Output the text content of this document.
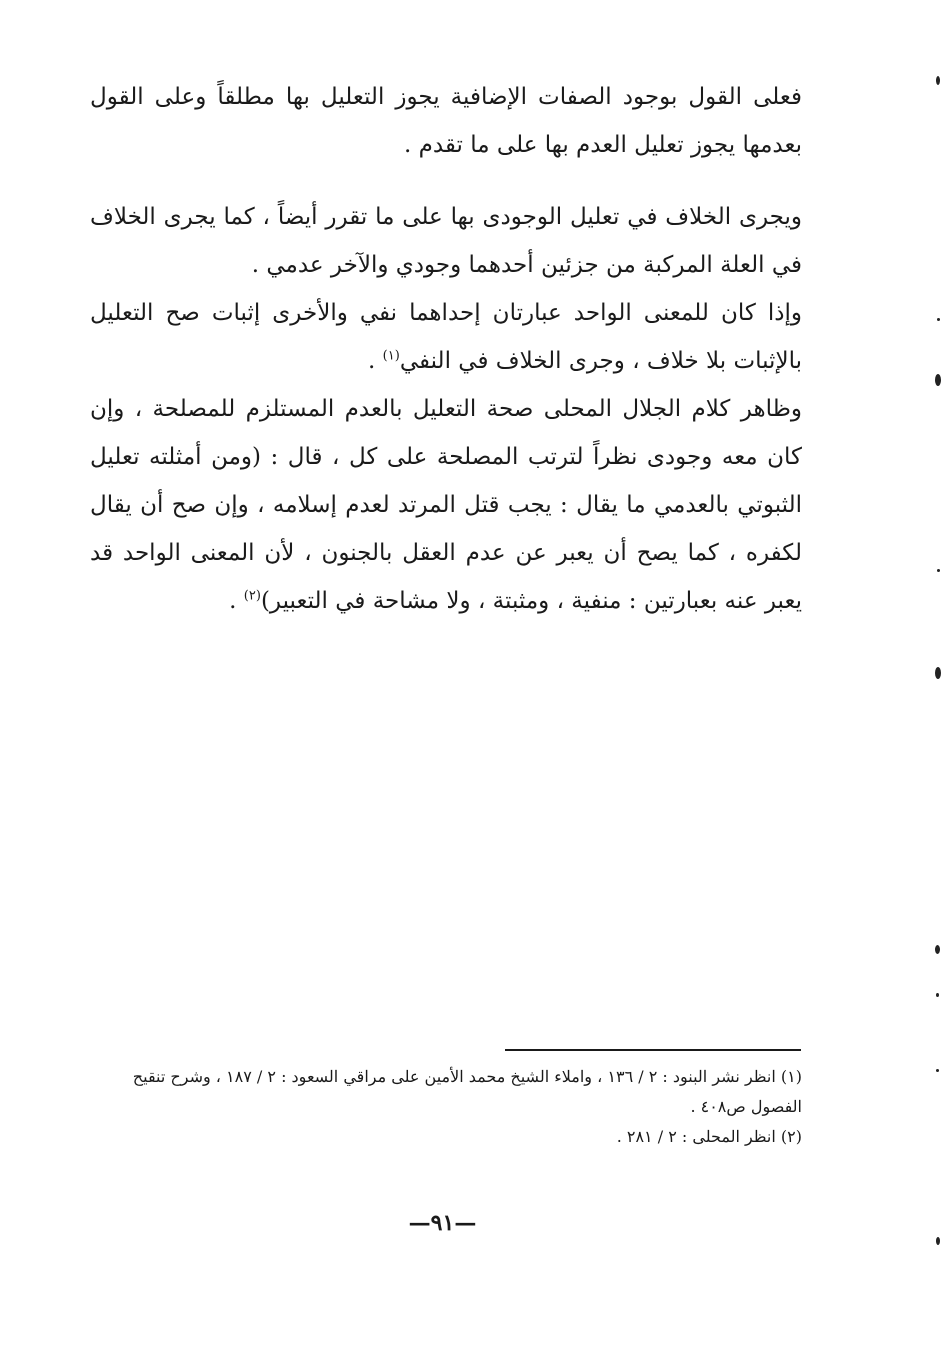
فعلى القول بوجود الصفات الإضافية يجوز التعليل بها مطلقاً وعلى القول بعدمها يجوز تعليل العدم بها على ما تقدم .

ويجرى الخلاف في تعليل الوجودى بها على ما تقرر أيضاً ، كما يجرى الخلاف في العلة المركبة من جزئين أحدهما وجودي والآخر عدمي .

وإذا كان للمعنى الواحد عبارتان إحداهما نفي والأخرى إثبات صح التعليل بالإثبات بلا خلاف ، وجرى الخلاف في النفي$^{(١)}$ .

وظاهر كلام الجلال المحلى صحة التعليل بالعدم المستلزم للمصلحة ، وإن كان معه وجودى نظراً لترتب المصلحة على كل ، قال : (ومن أمثلته تعليل الثبوتي بالعدمي ما يقال : يجب قتل المرتد لعدم إسلامه ، وإن صح أن يقال لكفره ، كما يصح أن يعبر عن عدم العقل بالجنون ، لأن المعنى الواحد قد يعبر عنه بعبارتين : منفية ، ومثبتة ، ولا مشاحة في التعبير)$^{(٢)}$ .

(١) انظر نشر البنود : ٢ / ١٣٦ ، واملاء الشيخ محمد الأمين على مراقي السعود : ٢ / ١٨٧ ، وشرح تنقيح الفصول ص٤٠٨ .

(٢) انظر المحلى : ٢ / ٢٨١ .

—٩١—
